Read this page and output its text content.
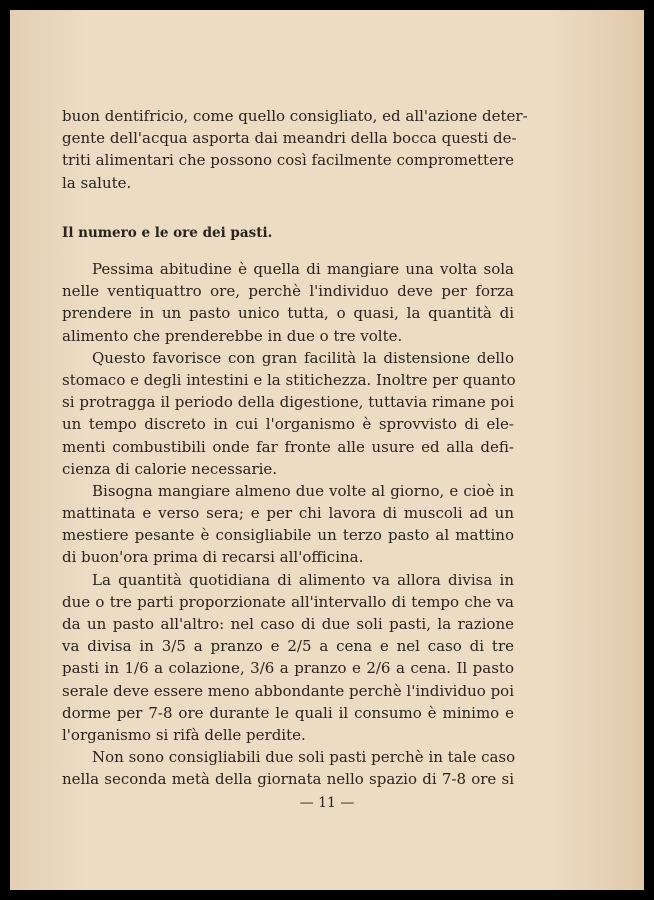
buon dentifricio, come quello consigliato, ed all'azione deter-
gente dell'acqua asporta dai meandri della bocca questi de-
triti alimentari che possono così facilmente compromettere
la salute.
Il numero e le ore dei pasti.
Pessima abitudine è quella di mangiare una volta sola
nelle ventiquattro ore, perchè l'individuo deve per forza
prendere in un pasto unico tutta, o quasi, la quantità di
alimento che prenderebbe in due o tre volte.
Questo favorisce con gran facilità la distensione dello
stomaco e degli intestini e la stitichezza. Inoltre per quanto
si protragga il periodo della digestione, tuttavia rimane poi
un tempo discreto in cui l'organismo è sprovvisto di ele-
menti combustibili onde far fronte alle usure ed alla defi-
cienza di calorie necessarie.
Bisogna mangiare almeno due volte al giorno, e cioè in
mattinata e verso sera; e per chi lavora di muscoli ad un
mestiere pesante è consigliabile un terzo pasto al mattino
di buon'ora prima di recarsi all'officina.
La quantità quotidiana di alimento va allora divisa in
due o tre parti proporzionate all'intervallo di tempo che va
da un pasto all'altro: nel caso di due soli pasti, la razione
va divisa in 3/5 a pranzo e 2/5 a cena e nel caso di tre
pasti in 1/6 a colazione, 3/6 a pranzo e 2/6 a cena. Il pasto
serale deve essere meno abbondante perchè l'individuo poi
dorme per 7-8 ore durante le quali il consumo è minimo e
l'organismo si rifà delle perdite.
Non sono consigliabili due soli pasti perchè in tale caso
nella seconda metà della giornata nello spazio di 7-8 ore si
— 11 —
